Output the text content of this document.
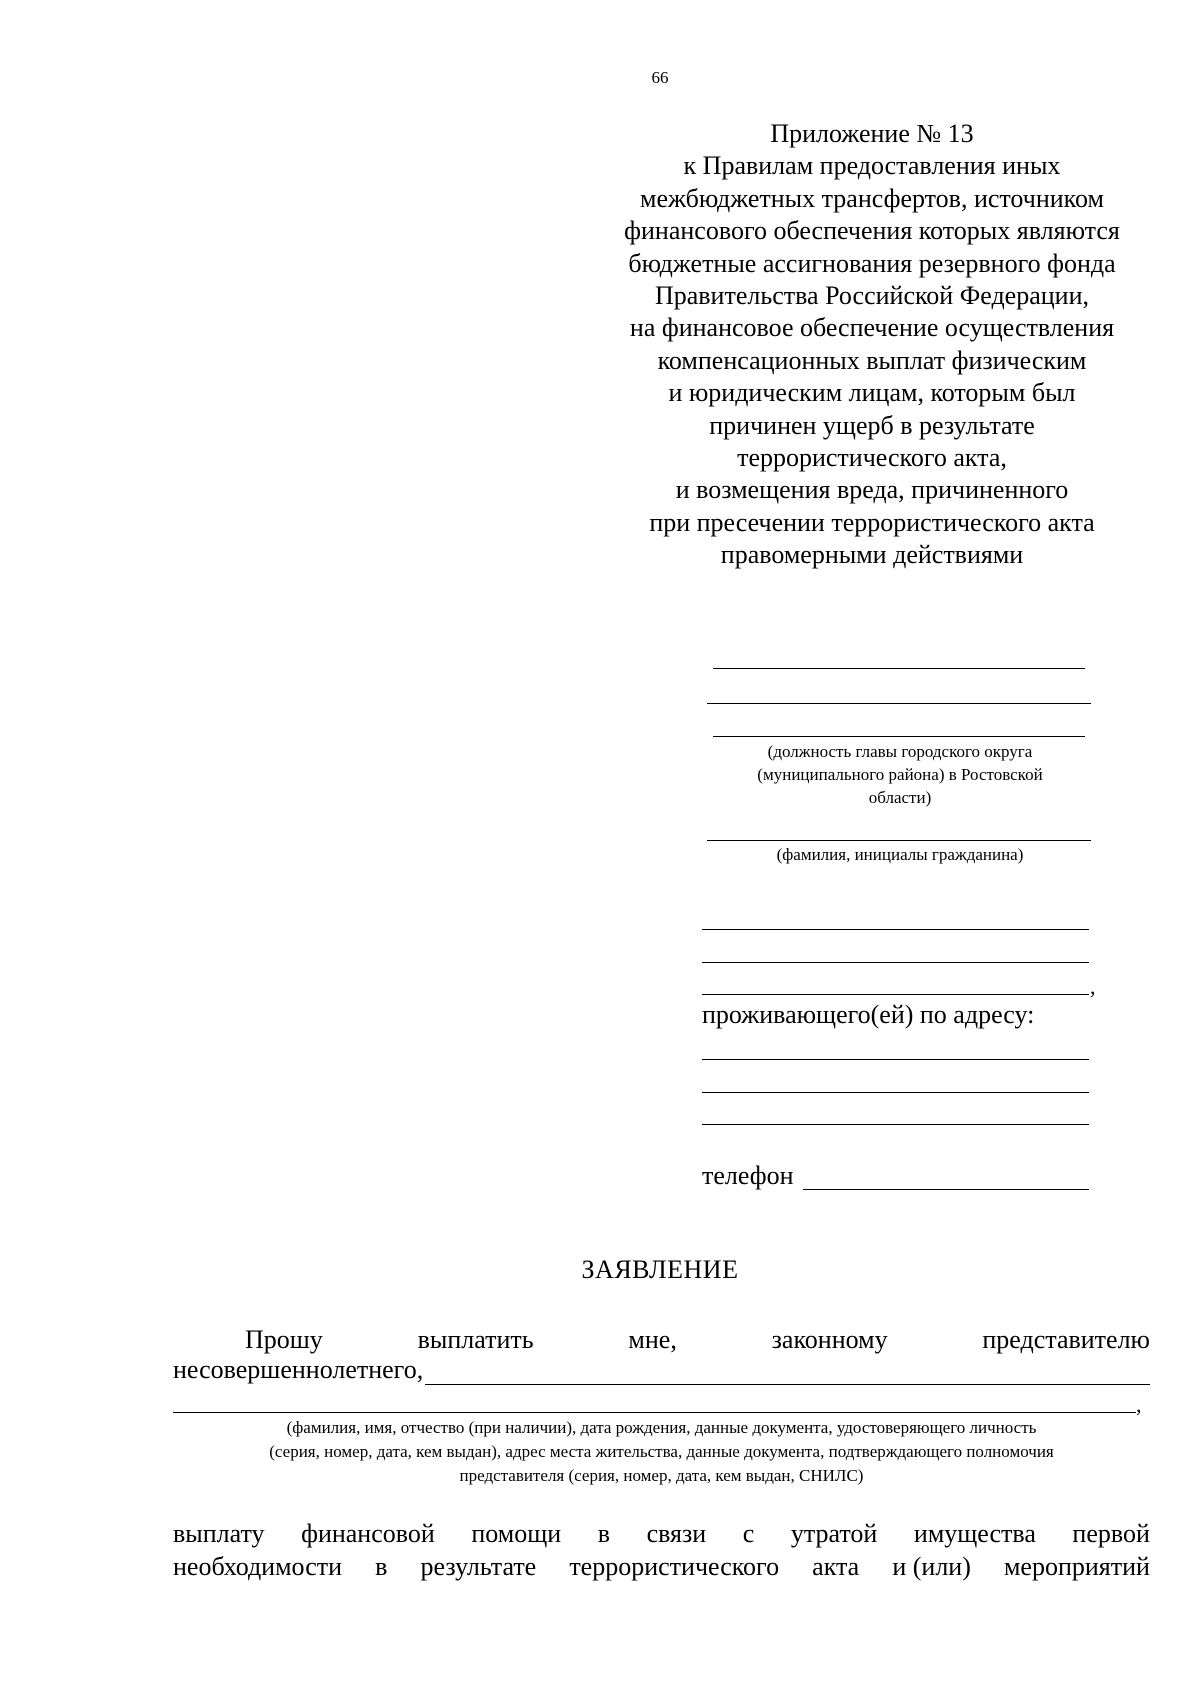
66
Приложение № 13
к Правилам предоставления иных
межбюджетных трансфертов, источником
финансового обеспечения которых являются
бюджетные ассигнования резервного фонда
Правительства Российской Федерации,
на финансовое обеспечение осуществления
компенсационных выплат физическим
и юридическим лицам, которым был
причинен ущерб в результате
террористического акта,
и возмещения вреда, причиненного
при пресечении террористического акта
правомерными действиями
(должность главы городского округа
(муниципального района) в Ростовской
области)
(фамилия, инициалы гражданина)
,
проживающего(ей) по адресу:
телефон
ЗАЯВЛЕНИЕ
Прошу	выплатить	мне,	законному	представителю
несовершеннолетнего,
,
(фамилия, имя, отчество (при наличии), дата рождения, данные документа, удостоверяющего личность
(серия, номер, дата, кем выдан), адрес места жительства, данные документа, подтверждающего полномочия
представителя (серия, номер, дата, кем выдан, СНИЛС)
выплату финансовой помощи в связи с утратой имущества первой
необходимости в результате террористического акта и (или) мероприятий
